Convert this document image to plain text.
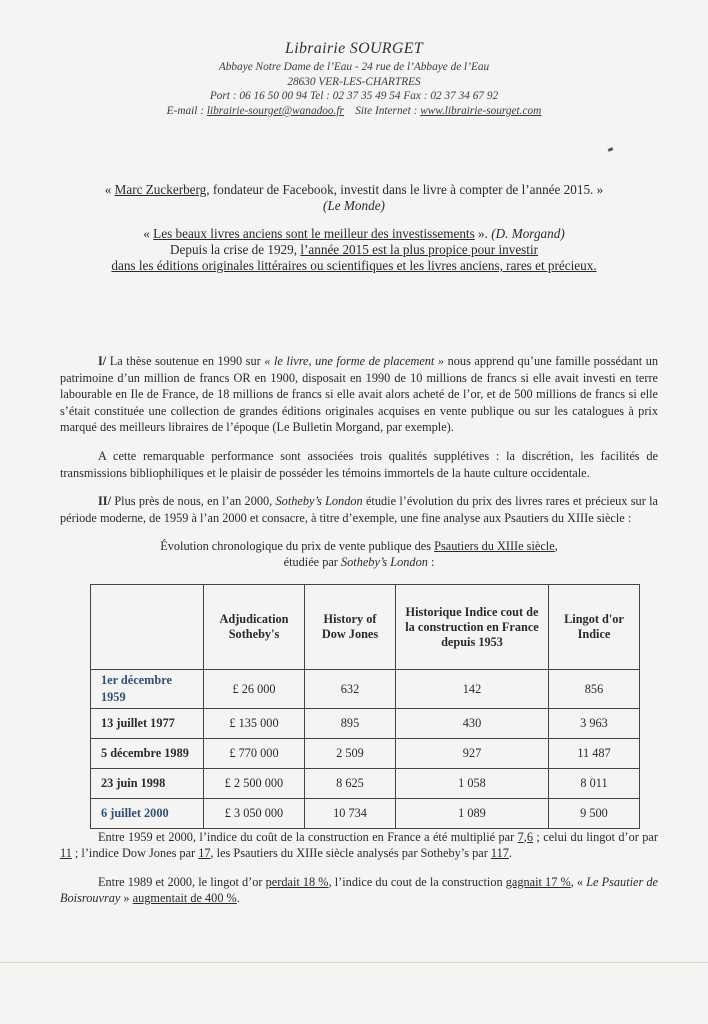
Librairie SOURGET
Abbaye Notre Dame de l’Eau - 24 rue de l’Abbaye de l’Eau
28630 VER-LES-CHARTRES
Port : 06 16 50 00 94 Tel : 02 37 35 49 54 Fax : 02 37 34 67 92
E-mail : librairie-sourget@wanadoo.fr Site Internet : www.librairie-sourget.com
« Marc Zuckerberg, fondateur de Facebook, investit dans le livre à compter de l’année 2015. »
(Le Monde)
« Les beaux livres anciens sont le meilleur des investissements ». (D. Morgand)
Depuis la crise de 1929, l’année 2015 est la plus propice pour investir
dans les éditions originales littéraires ou scientifiques et les livres anciens, rares et précieux.

I/ La thèse soutenue en 1990 sur « le livre, une forme de placement » nous apprend qu’une famille possédant un patrimoine d’un million de francs OR en 1900, disposait en 1990 de 10 millions de francs si elle avait investi en terre labourable en Ile de France, de 18 millions de francs si elle avait alors acheté de l’or, et de 500 millions de francs si elle s’était constituée une collection de grandes éditions originales acquises en vente publique ou sur les catalogues à prix marqué des meilleurs libraires de l’époque (Le Bulletin Morgand, par exemple).

A cette remarquable performance sont associées trois qualités supplétives : la discrétion, les facilités de transmissions bibliophiliques et le plaisir de posséder les témoins immortels de la haute culture occidentale.

II/ Plus près de nous, en l’an 2000, Sotheby’s London étudie l’évolution du prix des livres rares et précieux sur la période moderne, de 1959 à l’an 2000 et consacre, à titre d’exemple, une fine analyse aux Psautiers du XIIIe siècle :

Évolution chronologique du prix de vente publique des Psautiers du XIIIe siècle,
étudiée par Sotheby’s London :
	Adjudication Sotheby's	History of Dow Jones	Historique Indice cout de la construction en France depuis 1953	Lingot d'or Indice
1er décembre 1959	£ 26 000	632	142	856
13 juillet 1977	£ 135 000	895	430	3 963
5 décembre 1989	£ 770 000	2 509	927	11 487
23 juin 1998	£ 2 500 000	8 625	1 058	8 011
6 juillet 2000	£ 3 050 000	10 734	1 089	9 500

Entre 1959 et 2000, l’indice du coût de la construction en France a été multiplié par 7,6 ; celui du lingot d’or par 11 ; l’indice Dow Jones par 17, les Psautiers du XIIIe siècle analysés par Sotheby’s par 117.

Entre 1989 et 2000, le lingot d’or perdait 18 %, l’indice du cout de la construction gagnait 17 %, « Le Psautier de Boisrouvray » augmentait de 400 %.
